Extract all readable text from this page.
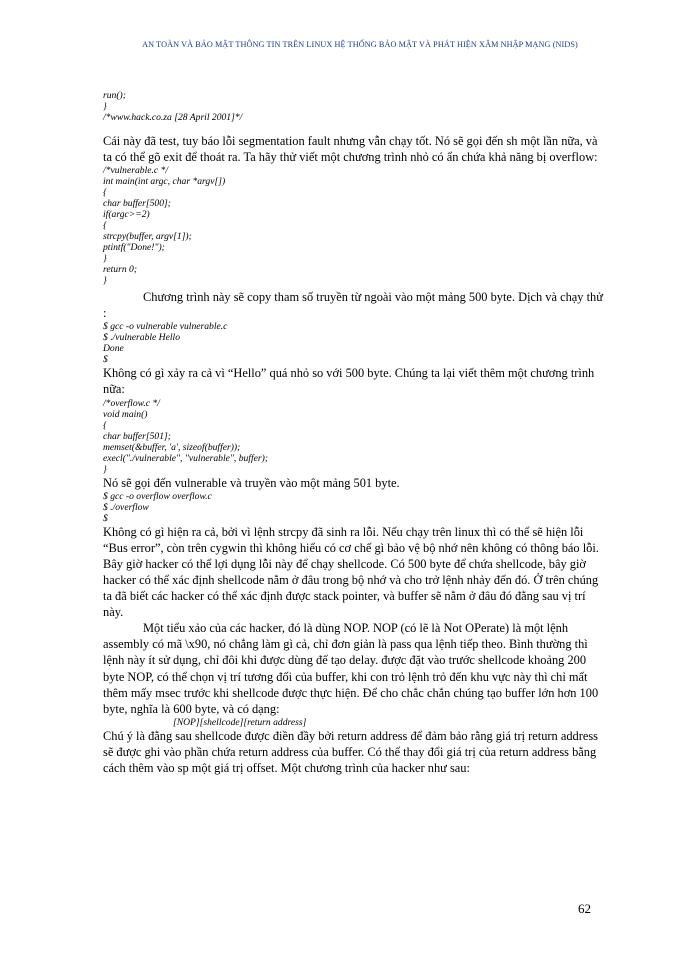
AN TOÀN VÀ BẢO MẬT THÔNG TIN TRÊN LINUX HỆ THỐNG BẢO MẬT VÀ PHÁT HIỆN XÂM NHẬP MẠNG (NIDS)

run();

}

/*www.hack.co.za [28 April 2001]*/

Cái này đã test, tuy báo lỗi segmentation fault nhưng vẫn chạy tốt. Nó sẽ gọi đến sh một lần nữa, và ta có thể gõ exit để thoát ra. Ta hãy thử viết một chương trình nhỏ có ẩn chứa khả năng bị overflow:

/*vulnerable.c */

int main(int argc, char *argv[])

{

char buffer[500];

if(argc>=2)

{

strcpy(buffer, argv[1]);

ptintf("Done!");

}

return 0;

}

Chương trình này sẽ copy tham số truyền từ ngoài vào một mảng 500 byte. Dịch và chạy thử :

$ gcc -o vulnerable vulnerable.c

$ ./vulnerable Hello

Done

$

Không có gì xảy ra cả vì “Hello” quá nhỏ so với 500 byte. Chúng ta lại viết thêm một chương trình nữa:

/*overflow.c */

void main()

{

char buffer[501];

memset(&buffer, 'a', sizeof(buffer));

execl("./vulnerable", "vulnerable", buffer);

}

Nó sẽ gọi đến vulnerable và truyền vào một mảng 501 byte.

$ gcc -o overflow overflow.c

$ ./overflow

$

Không có gì hiện ra cả, bởi vì lệnh strcpy đã sinh ra lỗi. Nếu chạy trên linux thì có thể sẽ hiện lỗi “Bus error”, còn trên cygwin thì không hiểu có cơ chế gì bảo vệ bộ nhớ nên không có thông báo lỗi. Bây giờ hacker có thể lợi dụng lỗi này để chạy shellcode. Có 500 byte để chứa shellcode, bây giờ hacker có thể xác định shellcode nằm ở đâu trong bộ nhớ và cho trở lệnh nhảy đến đó. Ở trên chúng ta đã biết các hacker có thể xác định được stack pointer, và buffer sẽ nằm ở đâu đó đằng sau vị trí này.

Một tiểu xảo của các hacker, đó là dùng NOP. NOP (có lẽ là Not OPerate) là một lệnh assembly có mã \x90, nó chẳng làm gì cả, chỉ đơn giản là pass qua lệnh tiếp theo. Bình thường thì lệnh này ít sử dụng, chỉ đôi khi được dùng để tạo delay. được đặt vào trước shellcode khoảng 200 byte NOP, có thể chọn vị trí tương đối của buffer, khi con trỏ lệnh trỏ đến khu vực này thì chỉ mất thêm mấy msec trước khi shellcode được thực hiện. Để cho chắc chắn chúng tạo buffer lớn hơn 100 byte, nghĩa là 600 byte, và có dạng:

[NOP][shellcode][return address]

Chú ý là đằng sau shellcode được điền đầy bởi return address để đảm bảo rằng giá trị return address sẽ được ghi vào phần chứa return address của buffer. Có thể thay đổi giá trị của return address bằng cách thêm vào sp một giá trị offset. Một chương trình của hacker như sau:

62
